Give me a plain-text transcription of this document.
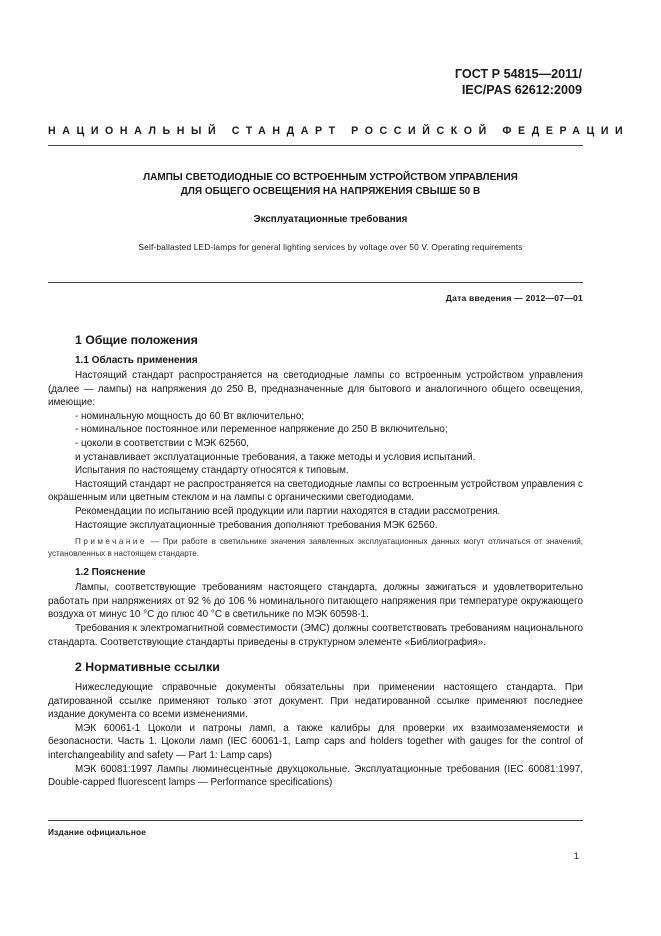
ГОСТ Р 54815—2011/
IEC/PAS 62612:2009
НАЦИОНАЛЬНЫЙ СТАНДАРТ РОССИЙСКОЙ ФЕДЕРАЦИИ
ЛАМПЫ СВЕТОДИОДНЫЕ СО ВСТРОЕННЫМ УСТРОЙСТВОМ УПРАВЛЕНИЯ
ДЛЯ ОБЩЕГО ОСВЕЩЕНИЯ НА НАПРЯЖЕНИЯ СВЫШЕ 50 В
Эксплуатационные требования
Self-ballasted LED-lamps for general lighting services by voltage over 50 V. Operating requirements
Дата введения — 2012—07—01
1 Общие положения
1.1 Область применения

Настоящий стандарт распространяется на светодиодные лампы со встроенным устройством управления (далее — лампы) на напряжения до 250 В, предназначенные для бытового и аналогичного общего освещения, имеющие:

- номинальную мощность до 60 Вт включительно;

- номинальное постоянное или переменное напряжение до 250 В включительно;

- цоколи в соответствии с МЭК 62560,

и устанавливает эксплуатационные требования, а также методы и условия испытаний.

Испытания по настоящему стандарту относятся к типовым.

Настоящий стандарт не распространяется на светодиодные лампы со встроенным устройством управления с окрашенным или цветным стеклом и на лампы с органическими светодиодами.

Рекомендации по испытанию всей продукции или партии находятся в стадии рассмотрения.

Настоящие эксплуатационные требования дополняют требования МЭК 62560.

Примечание — При работе в светильнике значения заявленных эксплуатационных данных могут отличаться от значений, установленных в настоящем стандарте.

1.2 Пояснение

Лампы, соответствующие требованиям настоящего стандарта, должны зажигаться и удовлетворительно работать при напряжениях от 92 % до 106 % номинального питающего напряжения при температуре окружающего воздуха от минус 10 °С до плюс 40 °С в светильнике по МЭК 60598-1.

Требования к электромагнитной совместимости (ЭМС) должны соответствовать требованиям национального стандарта. Соответствующие стандарты приведены в структурном элементе «Библиография».

2 Нормативные ссылки

Нижеследующие справочные документы обязательны при применении настоящего стандарта. При датированной ссылке применяют только этот документ. При недатированной ссылке применяют последнее издание документа со всеми изменениями.

МЭК 60061-1 Цоколи и патроны ламп, а также калибры для проверки их взаимозаменяемости и безопасности. Часть 1. Цоколи ламп (IEC 60061-1, Lamp caps and holders together with gauges for the control of interchangeability and safety — Part 1: Lamp caps)

МЭК 60081:1997 Лампы люминесцентные двухцокольные. Эксплуатационные требования (IEC 60081:1997, Double-capped fluorescent lamps — Performance specifications)

Издание официальное
1
